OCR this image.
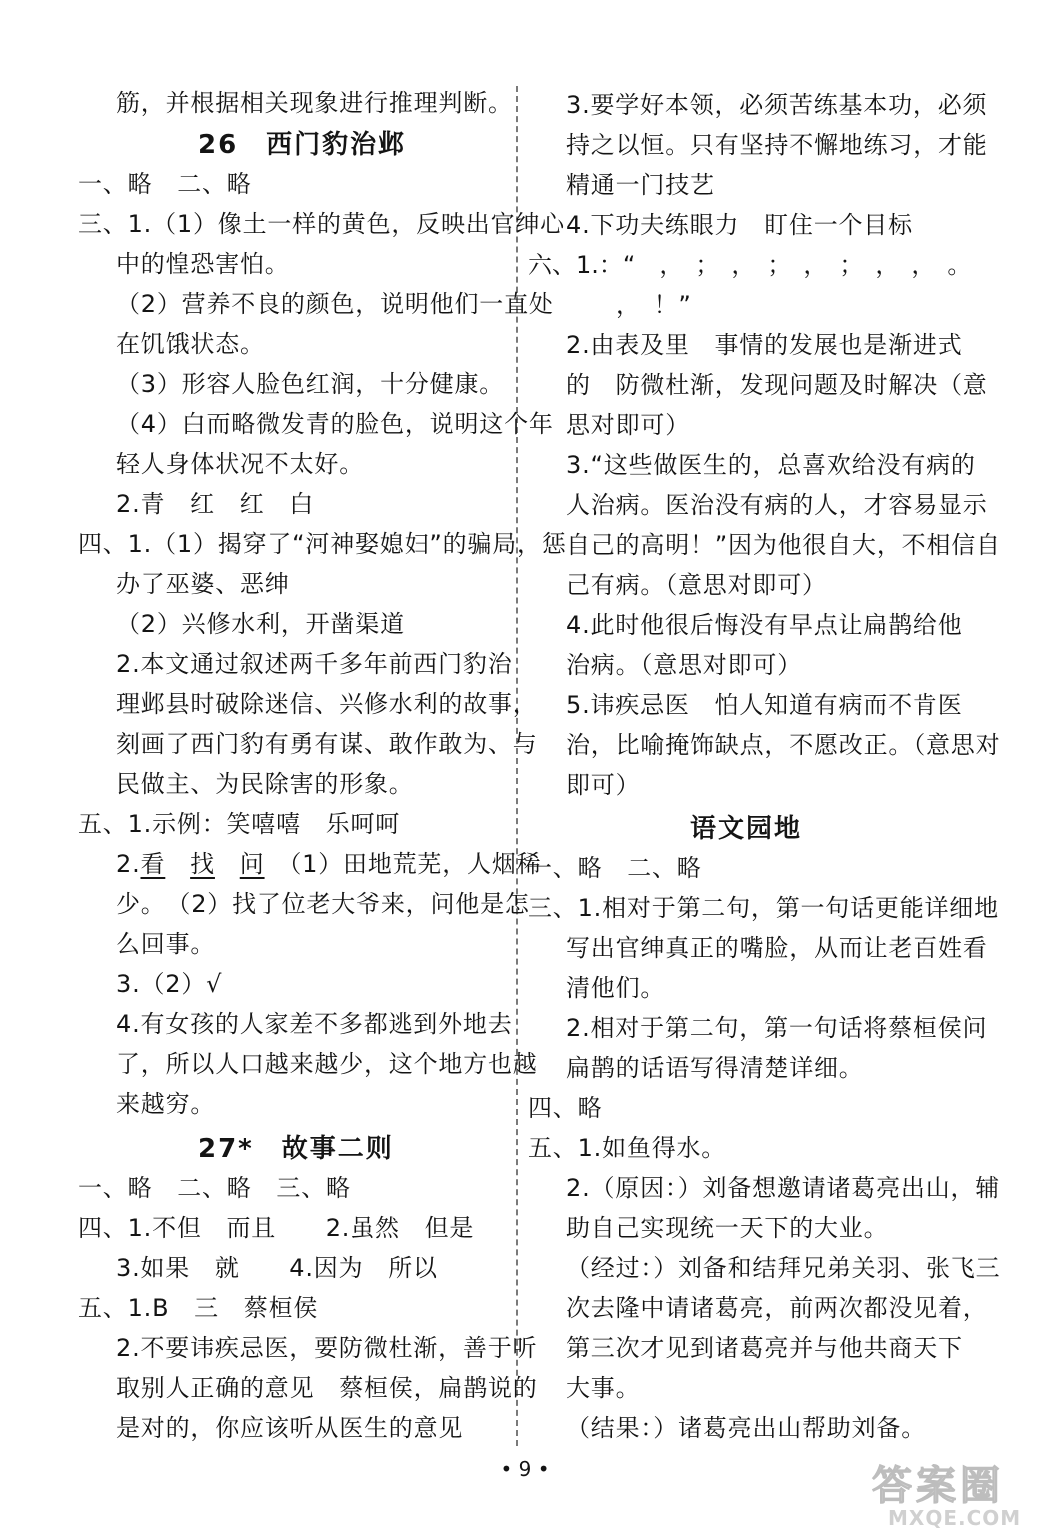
筋，并根据相关现象进行推理判断。
26　西门豹治邺
一、略　二、略
三、1.（1）像土一样的黄色，反映出官绅心
中的惶恐害怕。
（2）营养不良的颜色，说明他们一直处
在饥饿状态。
（3）形容人脸色红润，十分健康。
（4）白而略微发青的脸色，说明这个年
轻人身体状况不太好。
2.青　红　红　白
四、1.（1）揭穿了“河神娶媳妇”的骗局，惩
办了巫婆、恶绅
（2）兴修水利，开凿渠道
2.本文通过叙述两千多年前西门豹治
理邺县时破除迷信、兴修水利的故事，
刻画了西门豹有勇有谋、敢作敢为、与
民做主、为民除害的形象。
五、1.示例：笑嘻嘻　乐呵呵
2.看　 找　 问　（1）田地荒芜，人烟稀
少。　（2）找了位老大爷来，问他是怎
么回事。
3.（2）√
4.有女孩的人家差不多都逃到外地去
了，所以人口越来越少，这个地方也越
来越穷。
27*　故事二则
一、略　二、略　三、略
四、1.不但　而且　　2.虽然　但是
3.如果　就　　4.因为　所以
五、1.B　三　蔡桓侯
2.不要讳疾忌医，要防微杜渐，善于听
取别人正确的意见　蔡桓侯，扁鹊说的
是对的，你应该听从医生的意见
3.要学好本领，必须苦练基本功，必须
持之以恒。只有坚持不懈地练习，才能
精通一门技艺
4.下功夫练眼力　盯住一个目标
六、1.：“　，　；　，　；　，　；　，　，　。
，　！”
2.由表及里　事情的发展也是渐进式
的　防微杜渐，发现问题及时解决（意
思对即可）
3.“这些做医生的，总喜欢给没有病的
人治病。医治没有病的人，才容易显示
自己的高明！”因为他很自大，不相信自
己有病。（意思对即可）
4.此时他很后悔没有早点让扁鹊给他
治病。（意思对即可）
5.讳疾忌医　怕人知道有病而不肯医
治，比喻掩饰缺点，不愿改正。（意思对
即可）
语文园地
一、略　二、略
三、1.相对于第二句，第一句话更能详细地
写出官绅真正的嘴脸，从而让老百姓看
清他们。
2.相对于第二句，第一句话将蔡桓侯问
扁鹊的话语写得清楚详细。
四、略
五、1.如鱼得水。
2.（原因：）刘备想邀请诸葛亮出山，辅
助自己实现统一天下的大业。
（经过：）刘备和结拜兄弟关羽、张飞三
次去隆中请诸葛亮，前两次都没见着，
第三次才见到诸葛亮并与他共商天下
大事。
（结果：）诸葛亮出山帮助刘备。
• 9 •	答案圈
MXQE.COM
